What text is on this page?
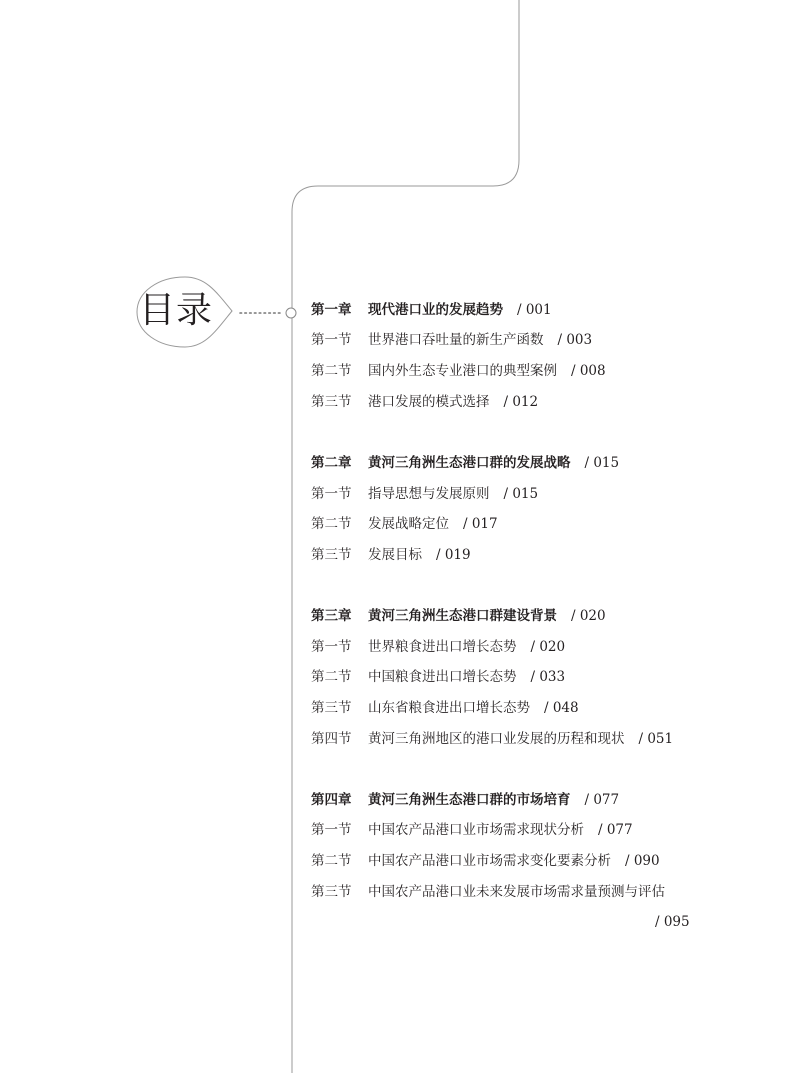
目录	第一章 现代港口业的发展趋势 / 001
第一节 世界港口吞吐量的新生产函数 / 003
第二节 国内外生态专业港口的典型案例 / 008
第三节 港口发展的模式选择 / 012
第二章 黄河三角洲生态港口群的发展战略 / 015
第一节 指导思想与发展原则 / 015
第二节 发展战略定位 / 017
第三节 发展目标 / 019
第三章 黄河三角洲生态港口群建设背景 / 020
第一节 世界粮食进出口增长态势 / 020
第二节 中国粮食进出口增长态势 / 033
第三节 山东省粮食进出口增长态势 / 048
第四节 黄河三角洲地区的港口业发展的历程和现状 / 051
第四章 黄河三角洲生态港口群的市场培育 / 077
第一节 中国农产品港口业市场需求现状分析 / 077
第二节 中国农产品港口业市场需求变化要素分析 / 090
第三节 中国农产品港口业未来发展市场需求量预测与评估
/ 095
